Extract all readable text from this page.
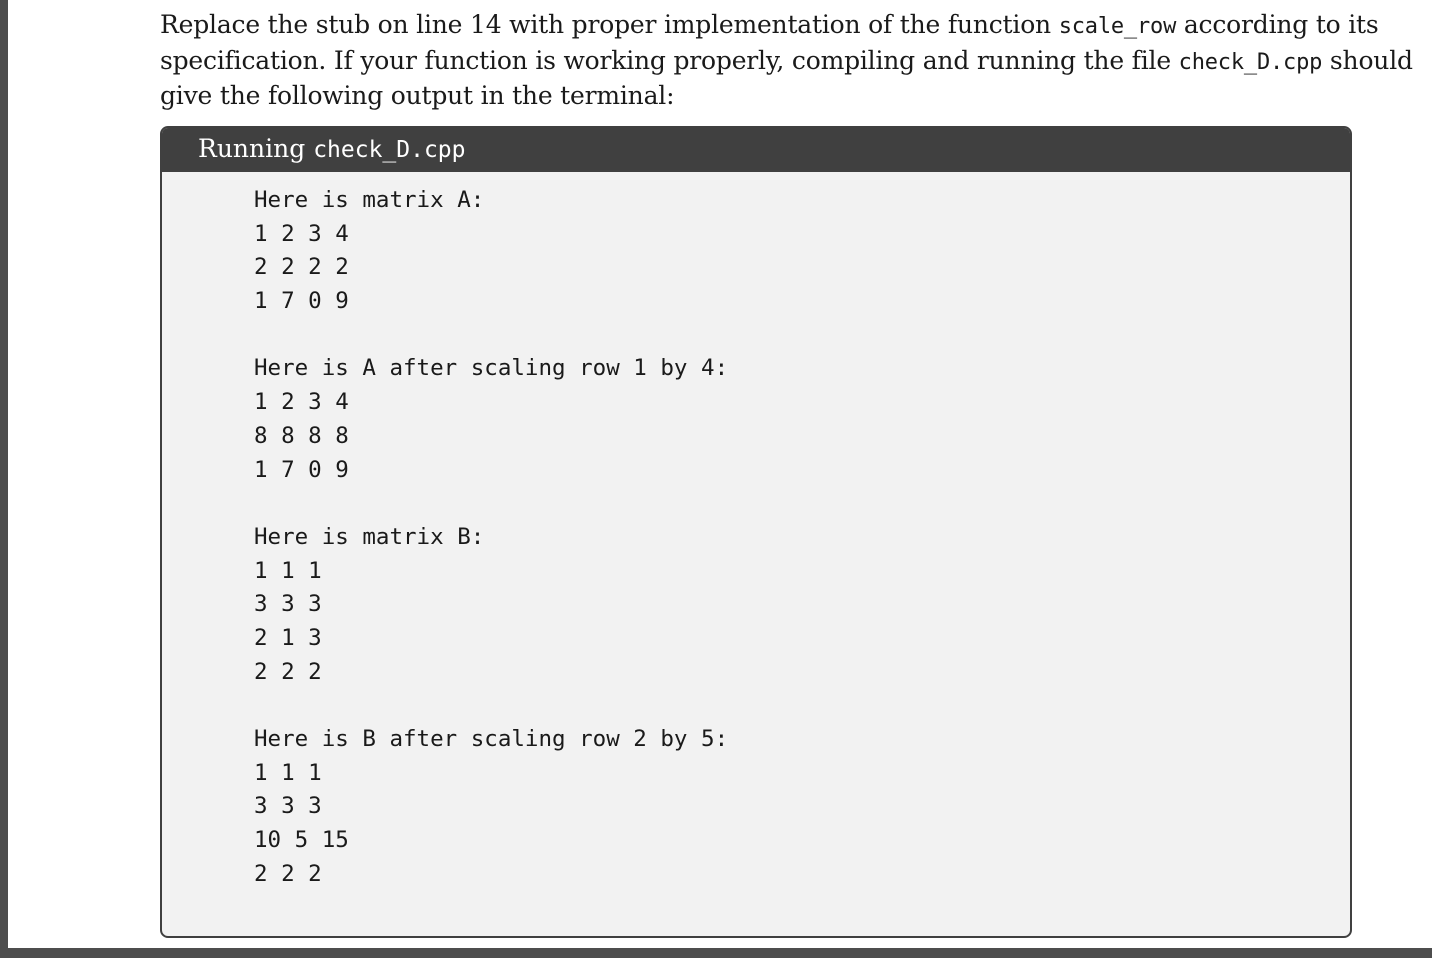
Replace the stub on line 14 with proper implementation of the function scale_row according to its
specification. If your function is working properly, compiling and running the file check_D.cpp should
give the following output in the terminal:
Running check_D.cpp
Here is matrix A:
1 2 3 4
2 2 2 2
1 7 0 9
Here is A after scaling row 1 by 4:
1 2 3 4
8 8 8 8
1 7 0 9
Here is matrix B:
1 1 1
3 3 3
2 1 3
2 2 2
Here is B after scaling row 2 by 5:
1 1 1
3 3 3
10 5 15
2 2 2
